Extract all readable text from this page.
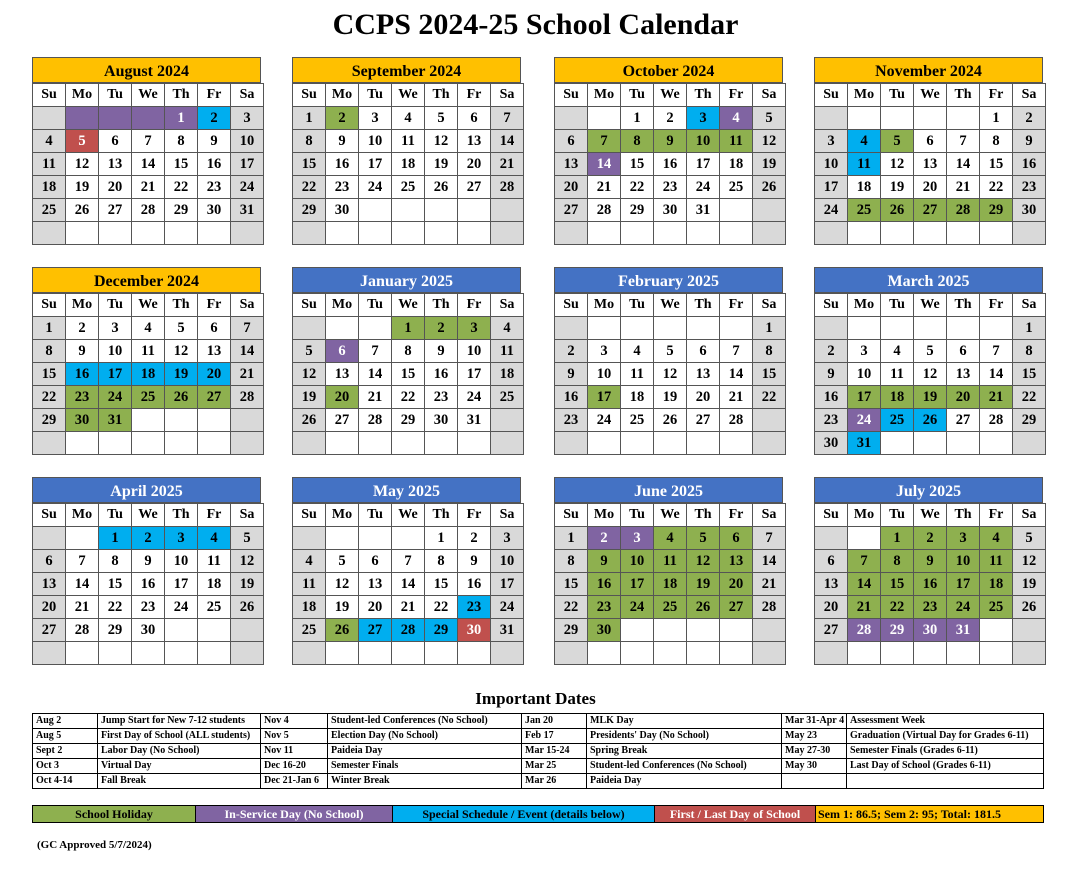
CCPS 2024-25 School Calendar
August 2024
Su	Mo	Tu	We	Th	Fr	Sa
				1	2	3
4	5	6	7	8	9	10
11	12	13	14	15	16	17
18	19	20	21	22	23	24
25	26	27	28	29	30	31

September 2024
Su	Mo	Tu	We	Th	Fr	Sa
1	2	3	4	5	6	7
8	9	10	11	12	13	14
15	16	17	18	19	20	21
22	23	24	25	26	27	28
29	30					

October 2024
Su	Mo	Tu	We	Th	Fr	Sa
		1	2	3	4	5
6	7	8	9	10	11	12
13	14	15	16	17	18	19
20	21	22	23	24	25	26
27	28	29	30	31		

November 2024
Su	Mo	Tu	We	Th	Fr	Sa
					1	2
3	4	5	6	7	8	9
10	11	12	13	14	15	16
17	18	19	20	21	22	23
24	25	26	27	28	29	30

December 2024
Su	Mo	Tu	We	Th	Fr	Sa
1	2	3	4	5	6	7
8	9	10	11	12	13	14
15	16	17	18	19	20	21
22	23	24	25	26	27	28
29	30	31				

January 2025
Su	Mo	Tu	We	Th	Fr	Sa
			1	2	3	4
5	6	7	8	9	10	11
12	13	14	15	16	17	18
19	20	21	22	23	24	25
26	27	28	29	30	31	

February 2025
Su	Mo	Tu	We	Th	Fr	Sa
						1
2	3	4	5	6	7	8
9	10	11	12	13	14	15
16	17	18	19	20	21	22
23	24	25	26	27	28	

March 2025
Su	Mo	Tu	We	Th	Fr	Sa
						1
2	3	4	5	6	7	8
9	10	11	12	13	14	15
16	17	18	19	20	21	22
23	24	25	26	27	28	29
30	31					
April 2025
Su	Mo	Tu	We	Th	Fr	Sa
		1	2	3	4	5
6	7	8	9	10	11	12
13	14	15	16	17	18	19
20	21	22	23	24	25	26
27	28	29	30			

May 2025
Su	Mo	Tu	We	Th	Fr	Sa
				1	2	3
4	5	6	7	8	9	10
11	12	13	14	15	16	17
18	19	20	21	22	23	24
25	26	27	28	29	30	31

June 2025
Su	Mo	Tu	We	Th	Fr	Sa
1	2	3	4	5	6	7
8	9	10	11	12	13	14
15	16	17	18	19	20	21
22	23	24	25	26	27	28
29	30					

July 2025
Su	Mo	Tu	We	Th	Fr	Sa
		1	2	3	4	5
6	7	8	9	10	11	12
13	14	15	16	17	18	19
20	21	22	23	24	25	26
27	28	29	30	31		

Important Dates
Aug 2	Jump Start for New 7-12 students	Nov 4	Student-led Conferences (No School)	Jan 20	MLK Day	Mar 31-Apr 4	Assessment Week
Aug 5	First Day of School (ALL students)	Nov 5	Election Day (No School)	Feb 17	Presidents' Day (No School)	May 23	Graduation (Virtual Day for Grades 6-11)
Sept 2	Labor Day (No School)	Nov 11	Paideia Day	Mar 15-24	Spring Break	May 27-30	Semester Finals (Grades 6-11)
Oct 3	Virtual Day	Dec 16-20	Semester Finals	Mar 25	Student-led Conferences (No School)	May 30	Last Day of School (Grades 6-11)
Oct 4-14	Fall Break	Dec 21-Jan 6	Winter Break	Mar 26	Paideia Day		
School Holiday	In-Service Day (No School)	Special Schedule / Event (details below)	First / Last Day of School	Sem 1: 86.5; Sem 2: 95; Total: 181.5
(GC Approved 5/7/2024)
